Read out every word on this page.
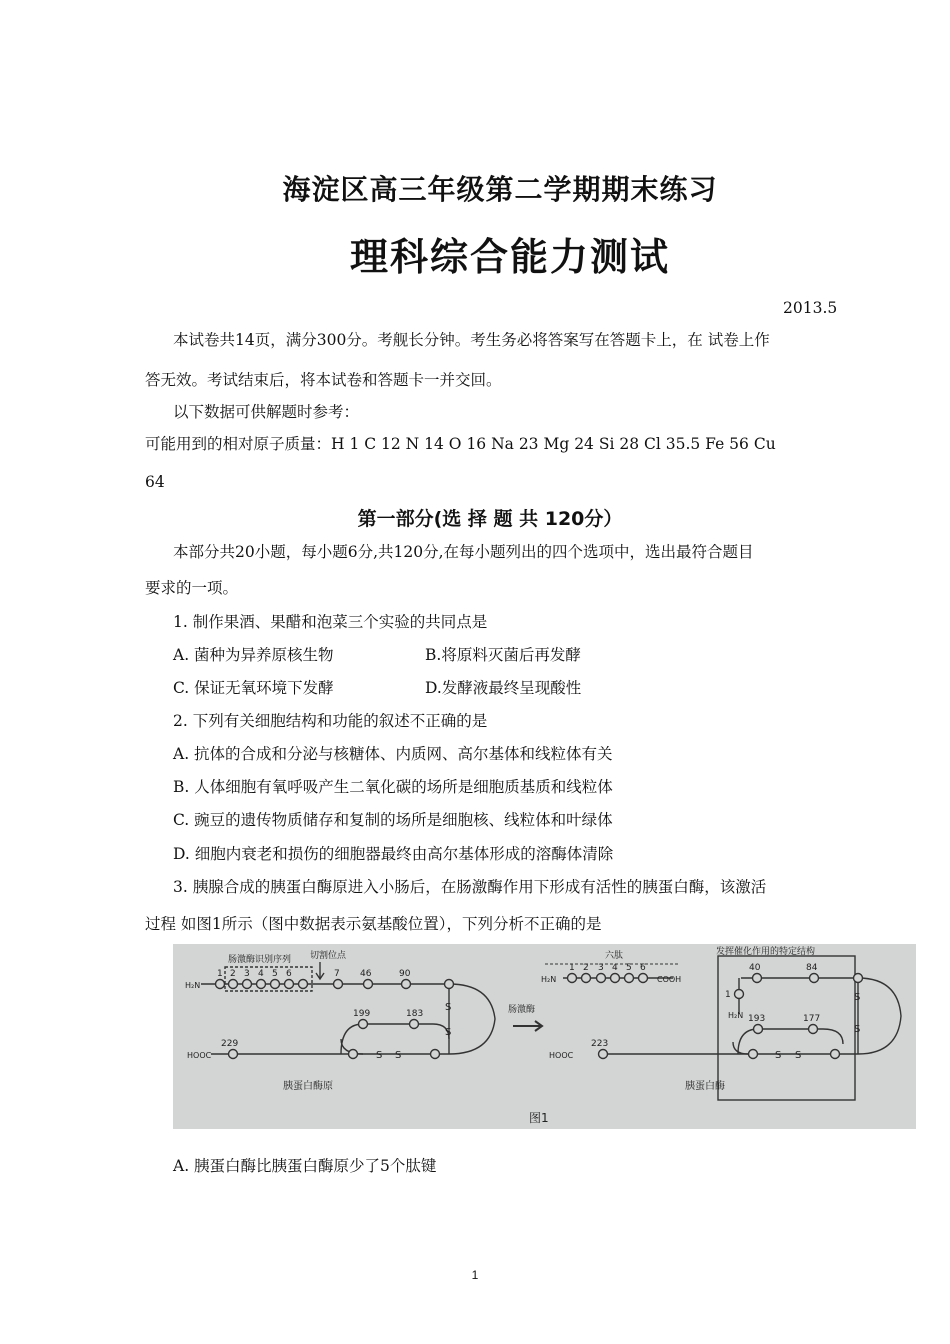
海淀区高三年级第二学期期末练习
理科综合能力测试
2013.5
本试卷共14页，满分300分。考舰长分钟。考生务必将答案写在答题卡上，在 试卷上作
答无效。考试结束后，将本试卷和答题卡一并交回。
以下数据可供解题时参考：
可能用到的相对原子质量：H 1 C 12 N 14 O 16 Na 23 Mg 24 Si 28 Cl 35.5 Fe 56 Cu
64
第一部分(选 择 题 共 120分）
本部分共20小题，每小题6分,共120分,在每小题列出的四个选项中，选出最符合题目
要求的一项。
1. 制作果酒、果醋和泡菜三个实验的共同点是
A. 菌种为异养原核生物	B.将原料灭菌后再发酵
C. 保证无氧环境下发酵	D.发酵液最终呈现酸性
2. 下列有关细胞结构和功能的叙述不正确的是
A. 抗体的合成和分泌与核糖体、内质网、高尔基体和线粒体有关
B. 人体细胞有氧呼吸产生二氧化碳的场所是细胞质基质和线粒体
C. 豌豆的遗传物质储存和复制的场所是细胞核、线粒体和叶绿体
D. 细胞内衰老和损伤的细胞器最终由高尔基体形成的溶酶体清除
3. 胰腺合成的胰蛋白酶原进入小肠后，在肠激酶作用下形成有活性的胰蛋白酶，该激活
过程 如图1所示（图中数据表示氨基酸位置），下列分析不正确的是
肠激酶识别序列 切割位点
H₂N
HOOC
1 2 3 4 5 6	7 46	90
199	183
229
S
S
S S
胰蛋白酶原
肠激酶
六肽	发挥催化作用的特定结构
H₂N	COOH
1 2 3 4 5 6
1
H₂N
40	84
193	177
223
HOOC
S
S
S S
胰蛋白酶
图1
A. 胰蛋白酶比胰蛋白酶原少了5个肽键
1
